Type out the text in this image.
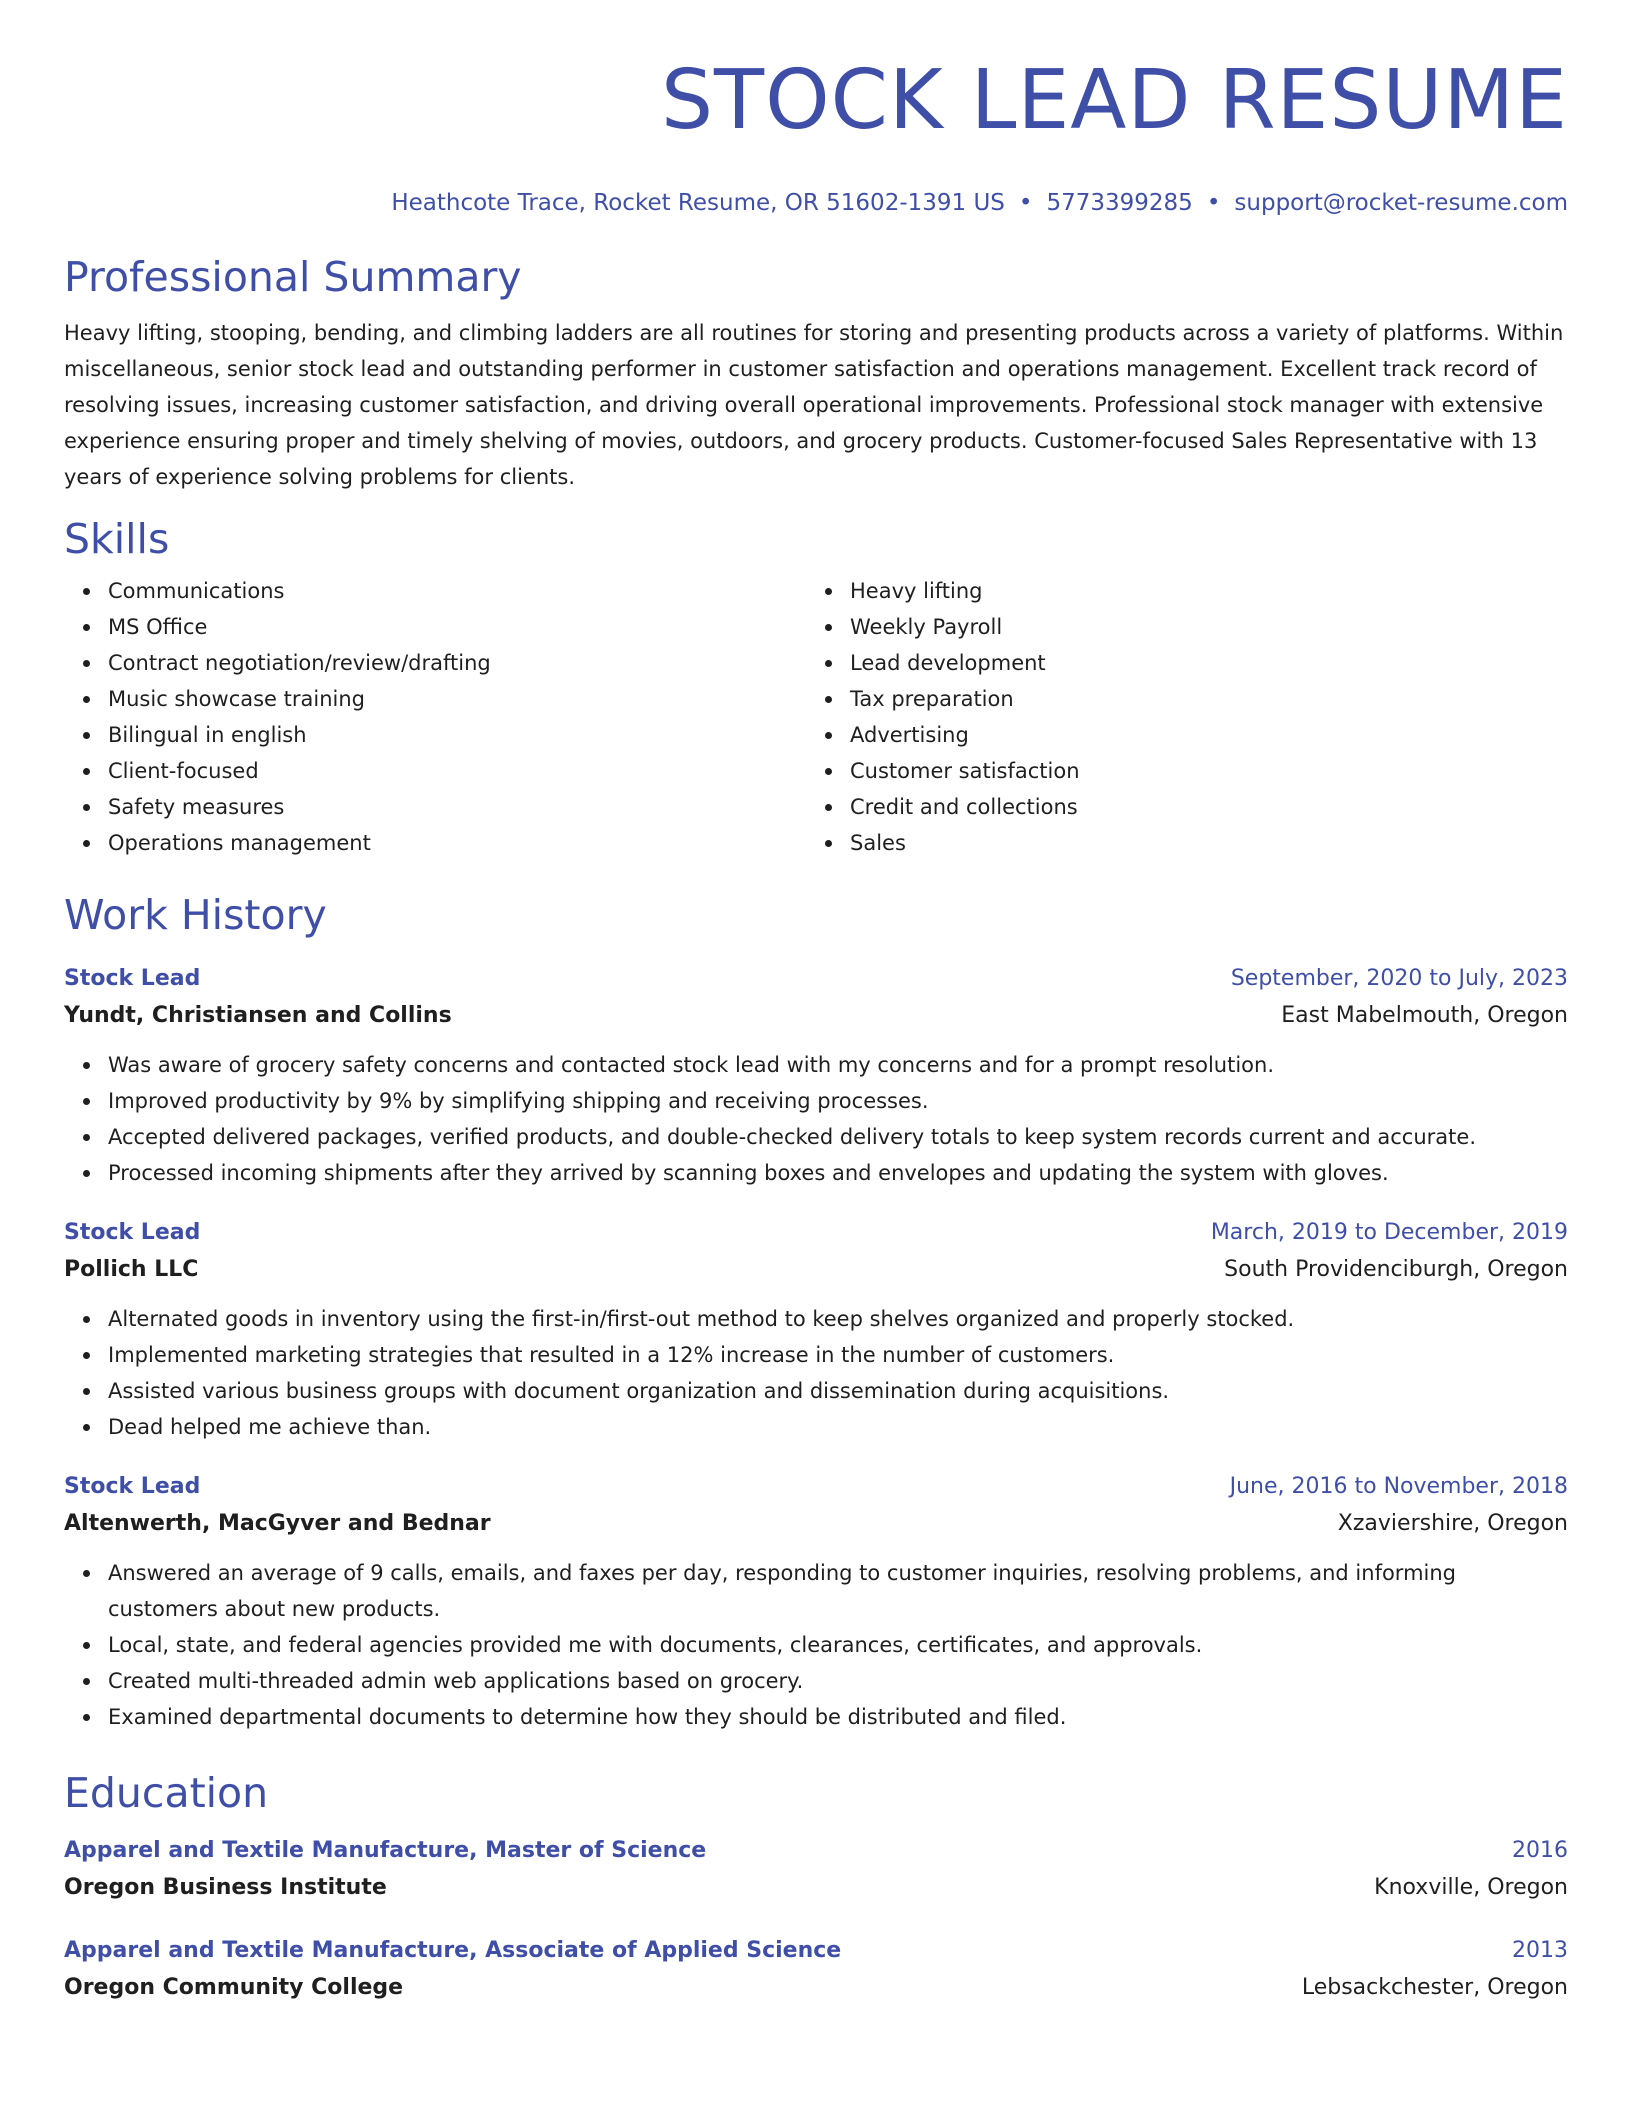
STOCK LEAD RESUME
Heathcote Trace, Rocket Resume, OR 51602-1391 US • 5773399285 • support@rocket-resume.com
Professional Summary
Heavy lifting, stooping, bending, and climbing ladders are all routines for storing and presenting products across a variety of platforms. Within miscellaneous, senior stock lead and outstanding performer in customer satisfaction and operations management. Excellent track record of resolving issues, increasing customer satisfaction, and driving overall operational improvements. Professional stock manager with extensive experience ensuring proper and timely shelving of movies, outdoors, and grocery products. Customer-focused Sales Representative with 13 years of experience solving problems for clients.
Skills
Communications
MS Office
Contract negotiation/review/drafting
Music showcase training
Bilingual in english
Client-focused
Safety measures
Operations management
Heavy lifting
Weekly Payroll
Lead development
Tax preparation
Advertising
Customer satisfaction
Credit and collections
Sales
Work History
Stock Lead	September, 2020 to July, 2023
Yundt, Christiansen and Collins	East Mabelmouth, Oregon
Was aware of grocery safety concerns and contacted stock lead with my concerns and for a prompt resolution.
Improved productivity by 9% by simplifying shipping and receiving processes.
Accepted delivered packages, verified products, and double-checked delivery totals to keep system records current and accurate.
Processed incoming shipments after they arrived by scanning boxes and envelopes and updating the system with gloves.
Stock Lead	March, 2019 to December, 2019
Pollich LLC	South Providenciburgh, Oregon
Alternated goods in inventory using the first-in/first-out method to keep shelves organized and properly stocked.
Implemented marketing strategies that resulted in a 12% increase in the number of customers.
Assisted various business groups with document organization and dissemination during acquisitions.
Dead helped me achieve than.
Stock Lead	June, 2016 to November, 2018
Altenwerth, MacGyver and Bednar	Xzaviershire, Oregon
Answered an average of 9 calls, emails, and faxes per day, responding to customer inquiries, resolving problems, and informing customers about new products.
Local, state, and federal agencies provided me with documents, clearances, certificates, and approvals.
Created multi-threaded admin web applications based on grocery.
Examined departmental documents to determine how they should be distributed and filed.
Education
Apparel and Textile Manufacture, Master of Science	2016
Oregon Business Institute	Knoxville, Oregon
Apparel and Textile Manufacture, Associate of Applied Science	2013
Oregon Community College	Lebsackchester, Oregon
